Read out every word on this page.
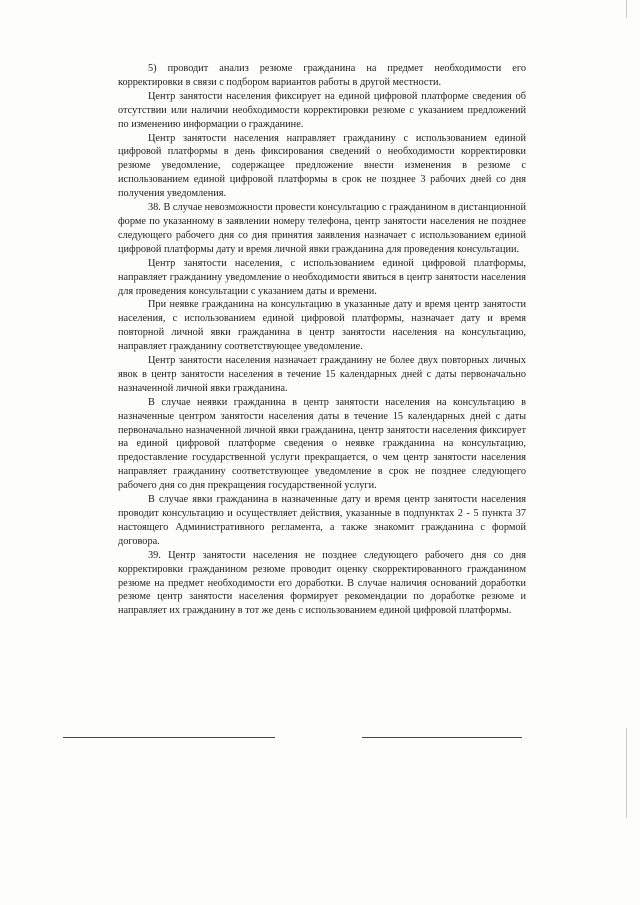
5) проводит анализ резюме гражданина на предмет необходимости его корректировки в связи с подбором вариантов работы в другой местности.

Центр занятости населения фиксирует на единой цифровой платформе сведения об отсутствии или наличии необходимости корректировки резюме с указанием предложений по изменению информации о гражданине.

Центр занятости населения направляет гражданину с использованием единой цифровой платформы в день фиксирования сведений о необходимости корректировки резюме уведомление, содержащее предложение внести изменения в резюме с использованием единой цифровой платформы в срок не позднее 3 рабочих дней со дня получения уведомления.

38. В случае невозможности провести консультацию с гражданином в дистанционной форме по указанному в заявлении номеру телефона, центр занятости населения не позднее следующего рабочего дня со дня принятия заявления назначает с использованием единой цифровой платформы дату и время личной явки гражданина для проведения консультации.

Центр занятости населения, с использованием единой цифровой платформы, направляет гражданину уведомление о необходимости явиться в центр занятости населения для проведения консультации с указанием даты и времени.

При неявке гражданина на консультацию в указанные дату и время центр занятости населения, с использованием единой цифровой платформы, назначает дату и время повторной личной явки гражданина в центр занятости населения на консультацию, направляет гражданину соответствующее уведомление.

Центр занятости населения назначает гражданину не более двух повторных личных явок в центр занятости населения в течение 15 календарных дней с даты первоначально назначенной личной явки гражданина.

В случае неявки гражданина в центр занятости населения на консультацию в назначенные центром занятости населения даты в течение 15 календарных дней с даты первоначально назначенной личной явки гражданина, центр занятости населения фиксирует на единой цифровой платформе сведения о неявке гражданина на консультацию, предоставление государственной услуги прекращается, о чем центр занятости населения направляет гражданину соответствующее уведомление в срок не позднее следующего рабочего дня со дня прекращения государственной услуги.

В случае явки гражданина в назначенные дату и время центр занятости населения проводит консультацию и осуществляет действия, указанные в подпунктах 2 - 5 пункта 37 настоящего Административного регламента, а также знакомит гражданина с формой договора.

39. Центр занятости населения не позднее следующего рабочего дня со дня корректировки гражданином резюме проводит оценку скорректированного гражданином резюме на предмет необходимости его доработки. В случае наличия оснований доработки резюме центр занятости населения формирует рекомендации по доработке резюме и направляет их гражданину в тот же день с использованием единой цифровой платформы.
